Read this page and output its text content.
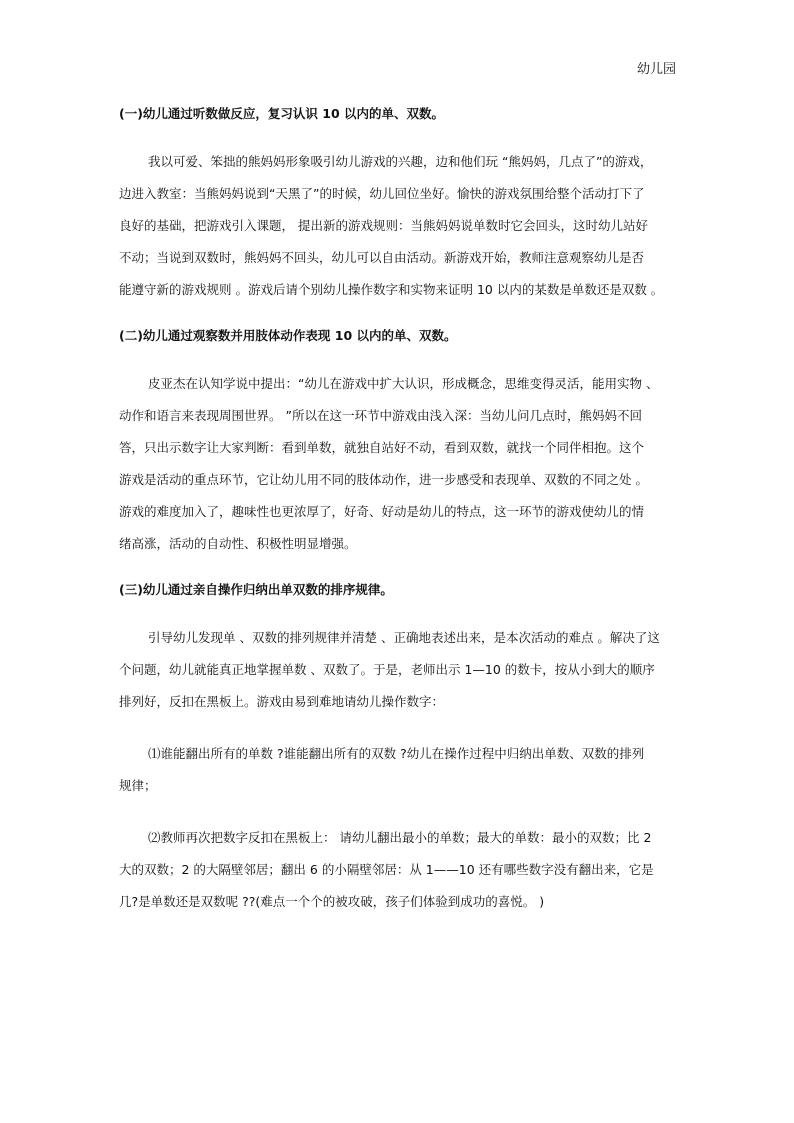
幼儿园
(一)幼儿通过听数做反应，复习认识 10 以内的单、双数。
我以可爱、笨拙的熊妈妈形象吸引幼儿游戏的兴趣，边和他们玩 “熊妈妈，几点了”的游戏，
边进入教室：当熊妈妈说到“天黑了”的时候，幼儿回位坐好。愉快的游戏氛围给整个活动打下了
良好的基础，把游戏引入课题， 提出新的游戏规则：当熊妈妈说单数时它会回头，这时幼儿站好
不动；当说到双数时，熊妈妈不回头，幼儿可以自由活动。新游戏开始，教师注意观察幼儿是否
能遵守新的游戏规则 。游戏后请个别幼儿操作数字和实物来证明 10 以内的某数是单数还是双数 。
(二)幼儿通过观察数并用肢体动作表现 10 以内的单、双数。
皮亚杰在认知学说中提出：“幼儿在游戏中扩大认识，形成概念，思维变得灵活，能用实物 、
动作和语言来表现周围世界。 ”所以在这一环节中游戏由浅入深：当幼儿问几点时，熊妈妈不回
答，只出示数字让大家判断：看到单数，就独自站好不动，看到双数，就找一个同伴相抱。这个
游戏是活动的重点环节，它让幼儿用不同的肢体动作，进一步感受和表现单、双数的不同之处 。
游戏的难度加入了，趣味性也更浓厚了，好奇、好动是幼儿的特点，这一环节的游戏使幼儿的情
绪高涨，活动的自动性、积极性明显增强。
(三)幼儿通过亲自操作归纳出单双数的排序规律。
引导幼儿发现单 、双数的排列规律并清楚 、正确地表述出来，是本次活动的难点 。解决了这
个问题，幼儿就能真正地掌握单数 、双数了。于是，老师出示 1—10 的数卡，按从小到大的顺序
排列好，反扣在黑板上。游戏由易到难地请幼儿操作数字：
⑴谁能翻出所有的单数 ?谁能翻出所有的双数 ?幼儿在操作过程中归纳出单数、双数的排列
规律；
⑵教师再次把数字反扣在黑板上： 请幼儿翻出最小的单数；最大的单数：最小的双数；比 2
大的双数；2 的大隔壁邻居；翻出 6 的小隔壁邻居：从 1——10 还有哪些数字没有翻出来，它是
几?是单数还是双数呢 ??(难点一个个的被攻破，孩子们体验到成功的喜悦。 )
